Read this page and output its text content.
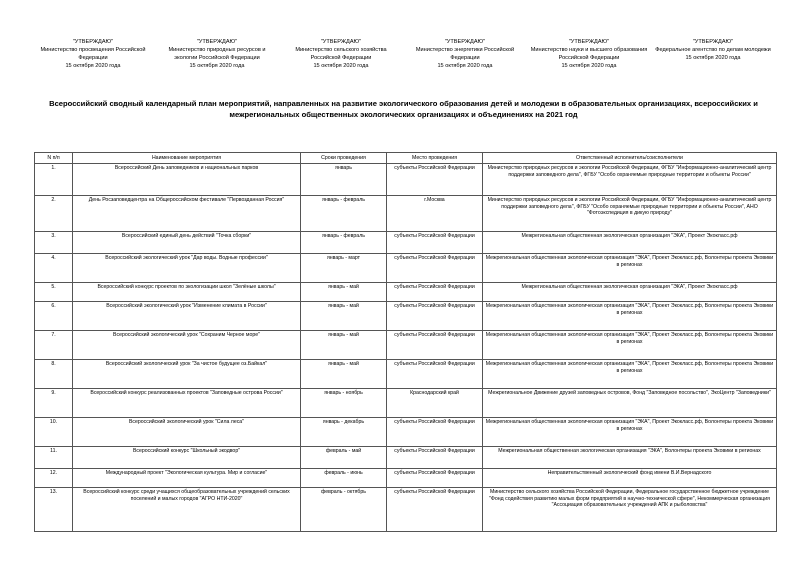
"УТВЕРЖДАЮ"
Министерство просвещения Российской Федерации
15 октября 2020 года
"УТВЕРЖДАЮ"
Министерство природных ресурсов и экологии Российской Федерации
15 октября 2020 года
"УТВЕРЖДАЮ"
Министерство сельского хозяйства Российской Федерации
15 октября 2020 года
"УТВЕРЖДАЮ"
Министерство энергетики Российской Федерации
15 октября 2020 года
"УТВЕРЖДАЮ"
Министерство науки и высшего образования Российской Федерации
15 октября 2020 года
"УТВЕРЖДАЮ"
Федеральное агентство по делам молодежи
15 октября 2020 года
Всероссийский сводный календарный план мероприятий, направленных на развитие экологического образования детей и молодежи в образовательных организациях, всероссийских и межрегиональных общественных экологических организациях и объединениях на 2021 год
N п/п	Наименование мероприятия	Сроки проведения	Место проведения	Ответственный исполнитель/соисполнители
1.	Всероссийский День заповедников и национальных парков	январь	субъекты Российской Федерации	Министерство природных ресурсов и экологии Российской Федерации, ФГБУ "Информационно-аналитический центр поддержки заповедного дела", ФГБУ "Особо охраняемые природные территории и объекты России"
2.	День Росзаповедцентра на Общероссийском фестивале "Первозданная Россия"	январь - февраль	г.Москва	Министерство природных ресурсов и экологии Российской Федерации, ФГБУ "Информационно-аналитический центр поддержки заповедного дела", ФГБУ "Особо охраняемые природные территории и объекты России", АНО "Фотоэкспедиция в дикую природу"
3.	Всероссийский единый день действий "Точка сборки"	январь - февраль	субъекты Российской Федерации	Межрегиональная общественная экологическая организация "ЭКА", Проект Экокласс.рф
4.	Всероссийский экологический урок "Дар воды. Водные профессии"	январь - март	субъекты Российской Федерации	Межрегиональная общественная экологическая организация "ЭКА", Проект Экокласс.рф, Волонтеры проекта Эковики в регионах
5.	Всероссийский конкурс проектов по экологизации школ "Зелёные школы"	январь - май	субъекты Российской Федерации	Межрегиональная общественная экологическая организация "ЭКА", Проект Экокласс.рф
6.	Всероссийский экологический урок "Изменение климата в России"	январь - май	субъекты Российской Федерации	Межрегиональная общественная экологическая организация "ЭКА", Проект Экокласс.рф, Волонтеры проекта Эковики в регионах
7.	Всероссийский экологический урок "Сохраним Черное море"	январь - май	субъекты Российской Федерации	Межрегиональная общественная экологическая организация "ЭКА", Проект Экокласс.рф, Волонтеры проекта Эковики в регионах
8.	Всероссийский экологический урок "За чистое будущее оз.Байкал"	январь - май	субъекты Российской Федерации	Межрегиональная общественная экологическая организация "ЭКА", Проект Экокласс.рф, Волонтеры проекта Эковики в регионах
9.	Всероссийский конкурс реализованных проектов "Заповедные острова России"	январь - ноябрь	Краснодарский край	Межрегиональное Движение друзей заповедных островов, Фонд "Заповедное посольство", ЭкоЦентр "Заповедники"
10.	Всероссийский экологический урок "Сила леса"	январь - декабрь	субъекты Российской Федерации	Межрегиональная общественная экологическая организация "ЭКА", Проект Экокласс.рф, Волонтеры проекта Эковики в регионах
11.	Всероссийский конкурс "Школьный экодвор"	февраль - май	субъекты Российской Федерации	Межрегиональная общественная экологическая организация "ЭКА", Волонтеры проекта Эковики в регионах
12.	Международный проект "Экологическая культура. Мир и согласие"	февраль - июнь	субъекты Российской Федерации	Неправительственный экологический фонд имени В.И.Вернадского
13.	Всероссийский конкурс среди учащихся общеобразовательных учреждений сельских поселений и малых городов "АГРО НТИ-2020"	февраль - октябрь	субъекты Российской Федерации	Министерство сельского хозяйства Российской Федерации, Федеральное государственное бюджетное учреждение "Фонд содействия развитию малых форм предприятий в научно-технической сфере", Некоммерческая организация "Ассоциация образовательных учреждений АПК и рыболовства"
